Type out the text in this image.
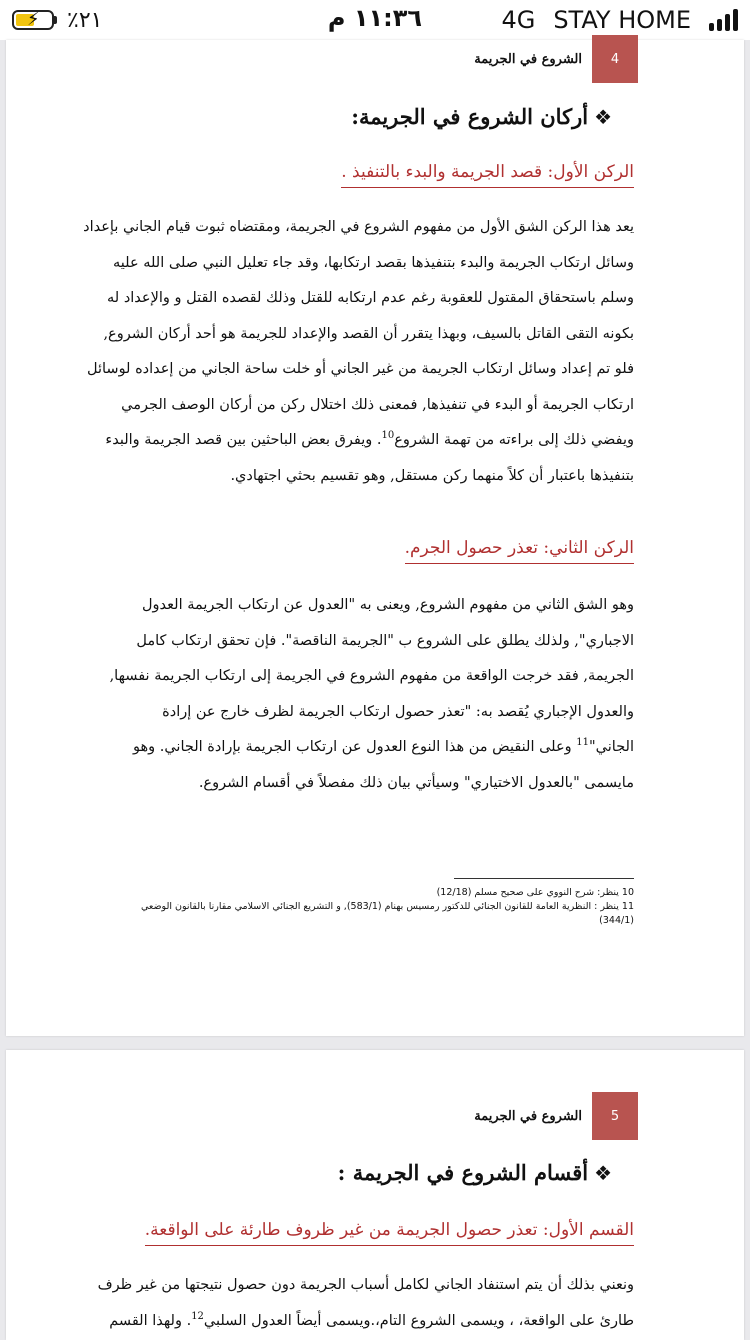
⚡ ٪٢١	١١:٣٦ م	4G STAY HOME
4
الشروع في الجريمة
❖
أركان الشروع في الجريمة:
الركن الأول: قصد الجريمة والبدء بالتنفيذ .

يعد هذا الركن الشق الأول من مفهوم الشروع في الجريمة، ومقتضاه ثبوت قيام الجاني بإعداد

وسائل ارتكاب الجريمة والبدء بتنفيذها بقصد ارتكابها، وقد جاء تعليل النبي صلى الله عليه

وسلم باستحقاق المقتول للعقوبة رغم عدم ارتكابه للقتل وذلك لقصده القتل و والإعداد له

بكونه التقى القاتل بالسيف، وبهذا يتقرر أن القصد والإعداد للجريمة هو أحد أركان الشروع,

فلو تم إعداد وسائل ارتكاب الجريمة من غير الجاني أو خلت ساحة الجاني من إعداده لوسائل

ارتكاب الجريمة أو البدء في تنفيذها, فمعنى ذلك اختلال ركن من أركان الوصف الجرمي

ويفضي ذلك إلى براءته من تهمة الشروع$^{10}$. ويفرق بعض الباحثين بين قصد الجريمة والبدء

بتنفيذها باعتبار أن كلاً منهما ركن مستقل, وهو تقسيم بحثي اجتهادي.

الركن الثاني: تعذر حصول الجرم.

وهو الشق الثاني من مفهوم الشروع, ويعنى به "العدول عن ارتكاب الجريمة العدول

الاجباري", ولذلك يطلق على الشروع ب "الجريمة الناقصة". فإن تحقق ارتكاب كامل

الجريمة, فقد خرجت الواقعة من مفهوم الشروع في الجريمة إلى ارتكاب الجريمة نفسها,

والعدول الإجباري يُقصد به: "تعذر حصول ارتكاب الجريمة لظرف خارج عن إرادة

الجاني"$^{11}$ وعلى النقيض من هذا النوع العدول عن ارتكاب الجريمة بإرادة الجاني. وهو

مايسمى "بالعدول الاختياري" وسيأتي بيان ذلك مفصلاً في أقسام الشروع.

10 ينظر: شرح النووي على صحيح مسلم (12/18)
11 ينظر : النظرية العامة للقانون الجنائي للدكتور رمسيس بهنام (583/1), و التشريع الجنائي الاسلامي مقارنا بالقانون الوضعي
(344/1)
5
الشروع في الجريمة
❖
أقسام الشروع في الجريمة :
القسم الأول: تعذر حصول الجريمة من غير ظروف طارئة على الواقعة.

ونعني بذلك أن يتم استنفاد الجاني لكامل أسباب الجريمة دون حصول نتيجتها من غير ظرف

طارئ على الواقعة، ، ويسمى الشروع التام،.ويسمى أيضاً العدول السلبي$^{12}$. ولهذا القسم
